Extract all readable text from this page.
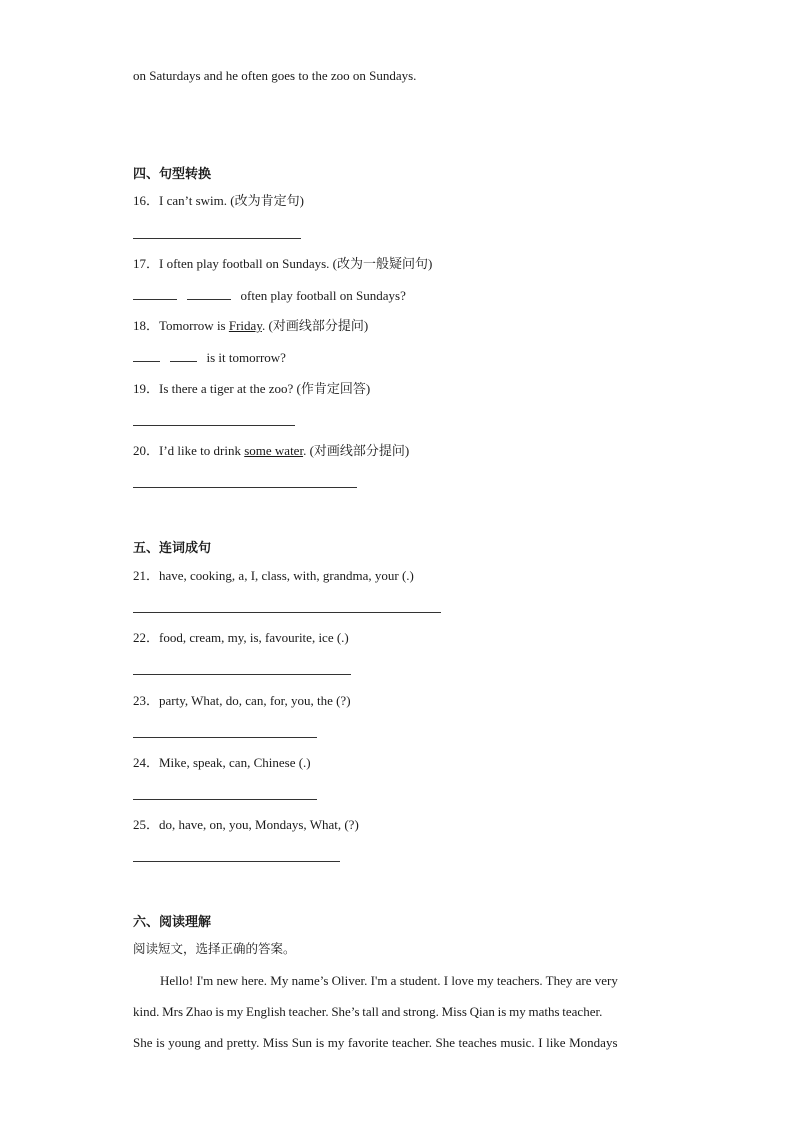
on Saturdays and he often goes to the zoo on Sundays.
四、句型转换
16．I can’t swim. (改为肯定句)
17．I often play football on Sundays. (改为一般疑问句)
often play football on Sundays?
18．Tomorrow is Friday. (对画线部分提问)
is it tomorrow?
19．Is there a tiger at the zoo? (作肯定回答)
20．I’d like to drink some water. (对画线部分提问)
五、连词成句
21．have, cooking, a, I, class, with, grandma, your (.)
22．food, cream, my, is, favourite, ice (.)
23．party, What, do, can, for, you, the (?)
24．Mike, speak, can, Chinese (.)
25．do, have, on, you, Mondays, What, (?)
六、阅读理解
阅读短文，选择正确的答案。
Hello! I'm new here. My name’s Oliver. I'm a student. I love my teachers. They are very
kind. Mrs Zhao is my English teacher. She’s tall and strong. Miss Qian is my maths teacher.
She is young and pretty. Miss Sun is my favorite teacher. She teaches music. I like Mondays
